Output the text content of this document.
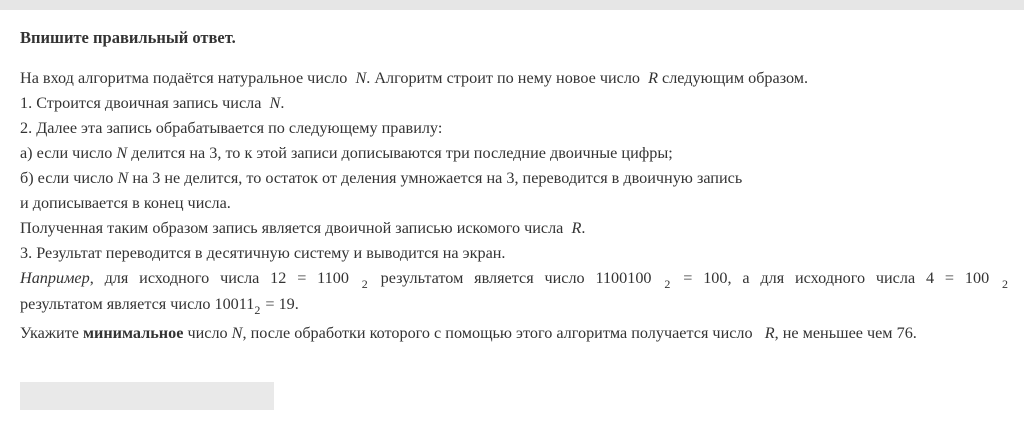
Впишите правильный ответ.
На вход алгоритма подаётся натуральное число N. Алгоритм строит по нему новое число R следующим образом.
1. Строится двоичная запись числа N.
2. Далее эта запись обрабатывается по следующему правилу:
а) если число N делится на 3, то к этой записи дописываются три последние двоичные цифры;
б) если число N на 3 не делится, то остаток от деления умножается на 3, переводится в двоичную запись
и дописывается в конец числа.
Полученная таким образом запись является двоичной записью искомого числа R.
3. Результат переводится в десятичную систему и выводится на экран.
Например, для исходного числа 12 = 1100 $_2$ результатом является число 1100100 $_2$ = 100, а для исходного числа 4 = 100 $_2$
результатом является число $10011_2 = 19$.
Укажите минимальное число N, после обработки которого с помощью этого алгоритма получается число R, не меньшее чем 76.
